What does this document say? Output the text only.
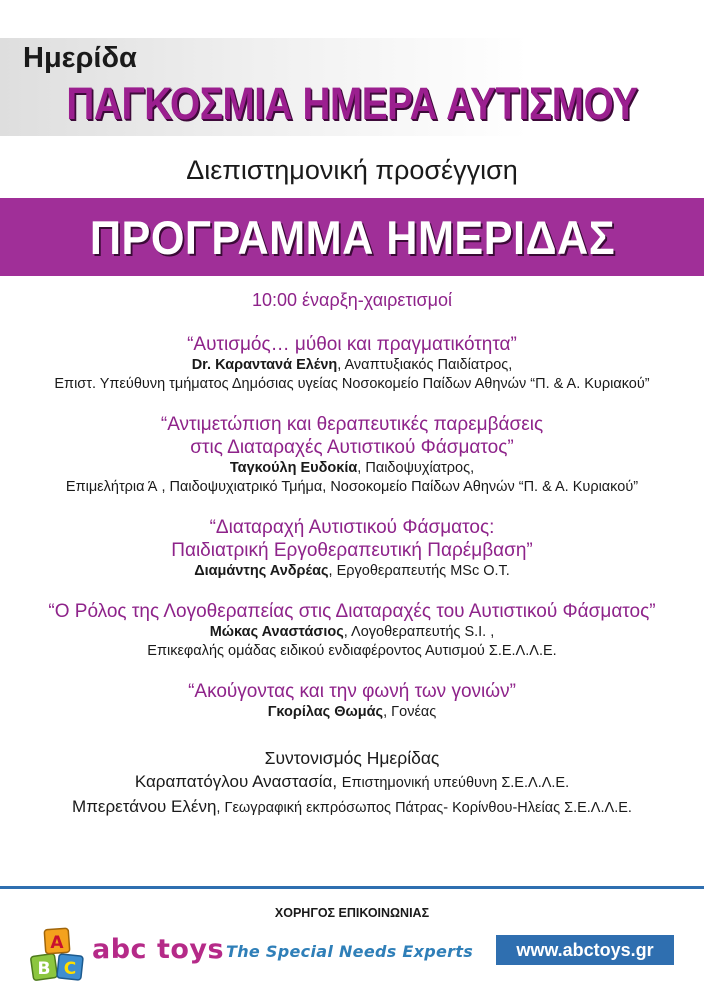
Ημερίδα

ΠΑΓΚΟΣΜΙΑ ΗΜΕΡΑ ΑΥΤΙΣΜΟΥ

Διεπιστημονική προσέγγιση

ΠΡΟΓΡΑΜΜΑ ΗΜΕΡΙΔΑΣ

10:00 έναρξη-χαιρετισμοί

“Αυτισμός… μύθοι και πραγματικότητα”

Dr. Καραντανά Ελένη, Αναπτυξιακός Παιδίατρος,

Επιστ. Υπεύθυνη τμήματος Δημόσιας υγείας Νοσοκομείο Παίδων Αθηνών “Π. & Α. Κυριακού”

“Αντιμετώπιση και θεραπευτικές παρεμβάσεις

στις Διαταραχές Αυτιστικού Φάσματος”

Ταγκούλη Ευδοκία, Παιδοψυχίατρος,

Επιμελήτρια Ά , Παιδοψυχιατρικό Τμήμα, Νοσοκομείο Παίδων Αθηνών “Π. & Α. Κυριακού”

“Διαταραχή Αυτιστικού Φάσματος:

Παιδιατρική Εργοθεραπευτική Παρέμβαση”

Διαμάντης Ανδρέας, Εργοθεραπευτής MSc O.T.

“Ο Ρόλος της Λογοθεραπείας στις Διαταραχές του Αυτιστικού Φάσματος”

Μώκας Αναστάσιος, Λογοθεραπευτής S.I. ,

Επικεφαλής ομάδας ειδικού ενδιαφέροντος Αυτισμού Σ.Ε.Λ.Λ.Ε.

“Ακούγοντας και την φωνή των γονιών”

Γκορίλας Θωμάς, Γονέας

Συντονισμός Ημερίδας

Καραπατόγλου Αναστασία, Επιστημονική υπεύθυνη Σ.Ε.Λ.Λ.Ε.

Μπερετάνου Ελένη, Γεωγραφική εκπρόσωπος Πάτρας- Κορίνθου-Ηλείας Σ.Ε.Λ.Λ.Ε.

ΧΟΡΗΓΟΣ ΕΠΙΚΟΙΝΩΝΙΑΣ

A
B C

abc toys The Special Needs Experts	www.abctoys.gr
